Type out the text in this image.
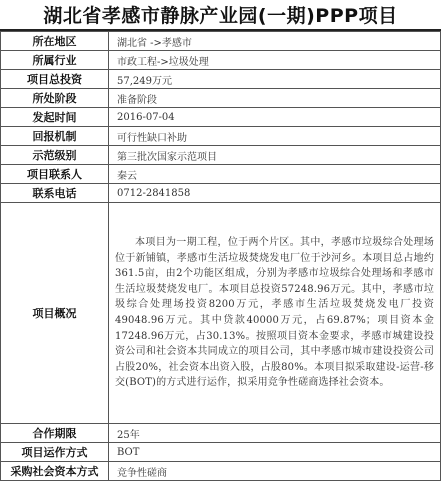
湖北省孝感市静脉产业园(一期)PPP项目
所在地区	湖北省 ->孝感市
所属行业	市政工程->垃圾处理
项目总投资	57,249万元
所处阶段	准备阶段
发起时间	2016-07-04
回报机制	可行性缺口补助
示范级别	第三批次国家示范项目
项目联系人	秦云
联系电话	0712-2841858
项目概况	本项目为一期工程，位于两个片区。其中，孝感市垃圾综合处理场位于新铺镇，孝感市生活垃圾焚烧发电厂位于沙河乡。本项目总占地约361.5亩，由2个功能区组成，分别为孝感市垃圾综合处理场和孝感市生活垃圾焚烧发电厂。本项目总投资57248.96万元。其中，孝感市垃圾综合处理场投资8200万元，孝感市生活垃圾焚烧发电厂投资49048.96万元。其中贷款40000万元，占69.87%；项目资本金17248.96万元，占30.13%。按照项目资本金要求，孝感市城建设投资公司和社会资本共同成立的项目公司，其中孝感市城市建设投资公司占股20%，社会资本出资入股，占股80%。本项目拟采取建设-运营-移交(BOT)的方式进行运作，拟采用竞争性磋商选择社会资本。
合作期限	25年
项目运作方式	BOT
采购社会资本方式	竞争性磋商
